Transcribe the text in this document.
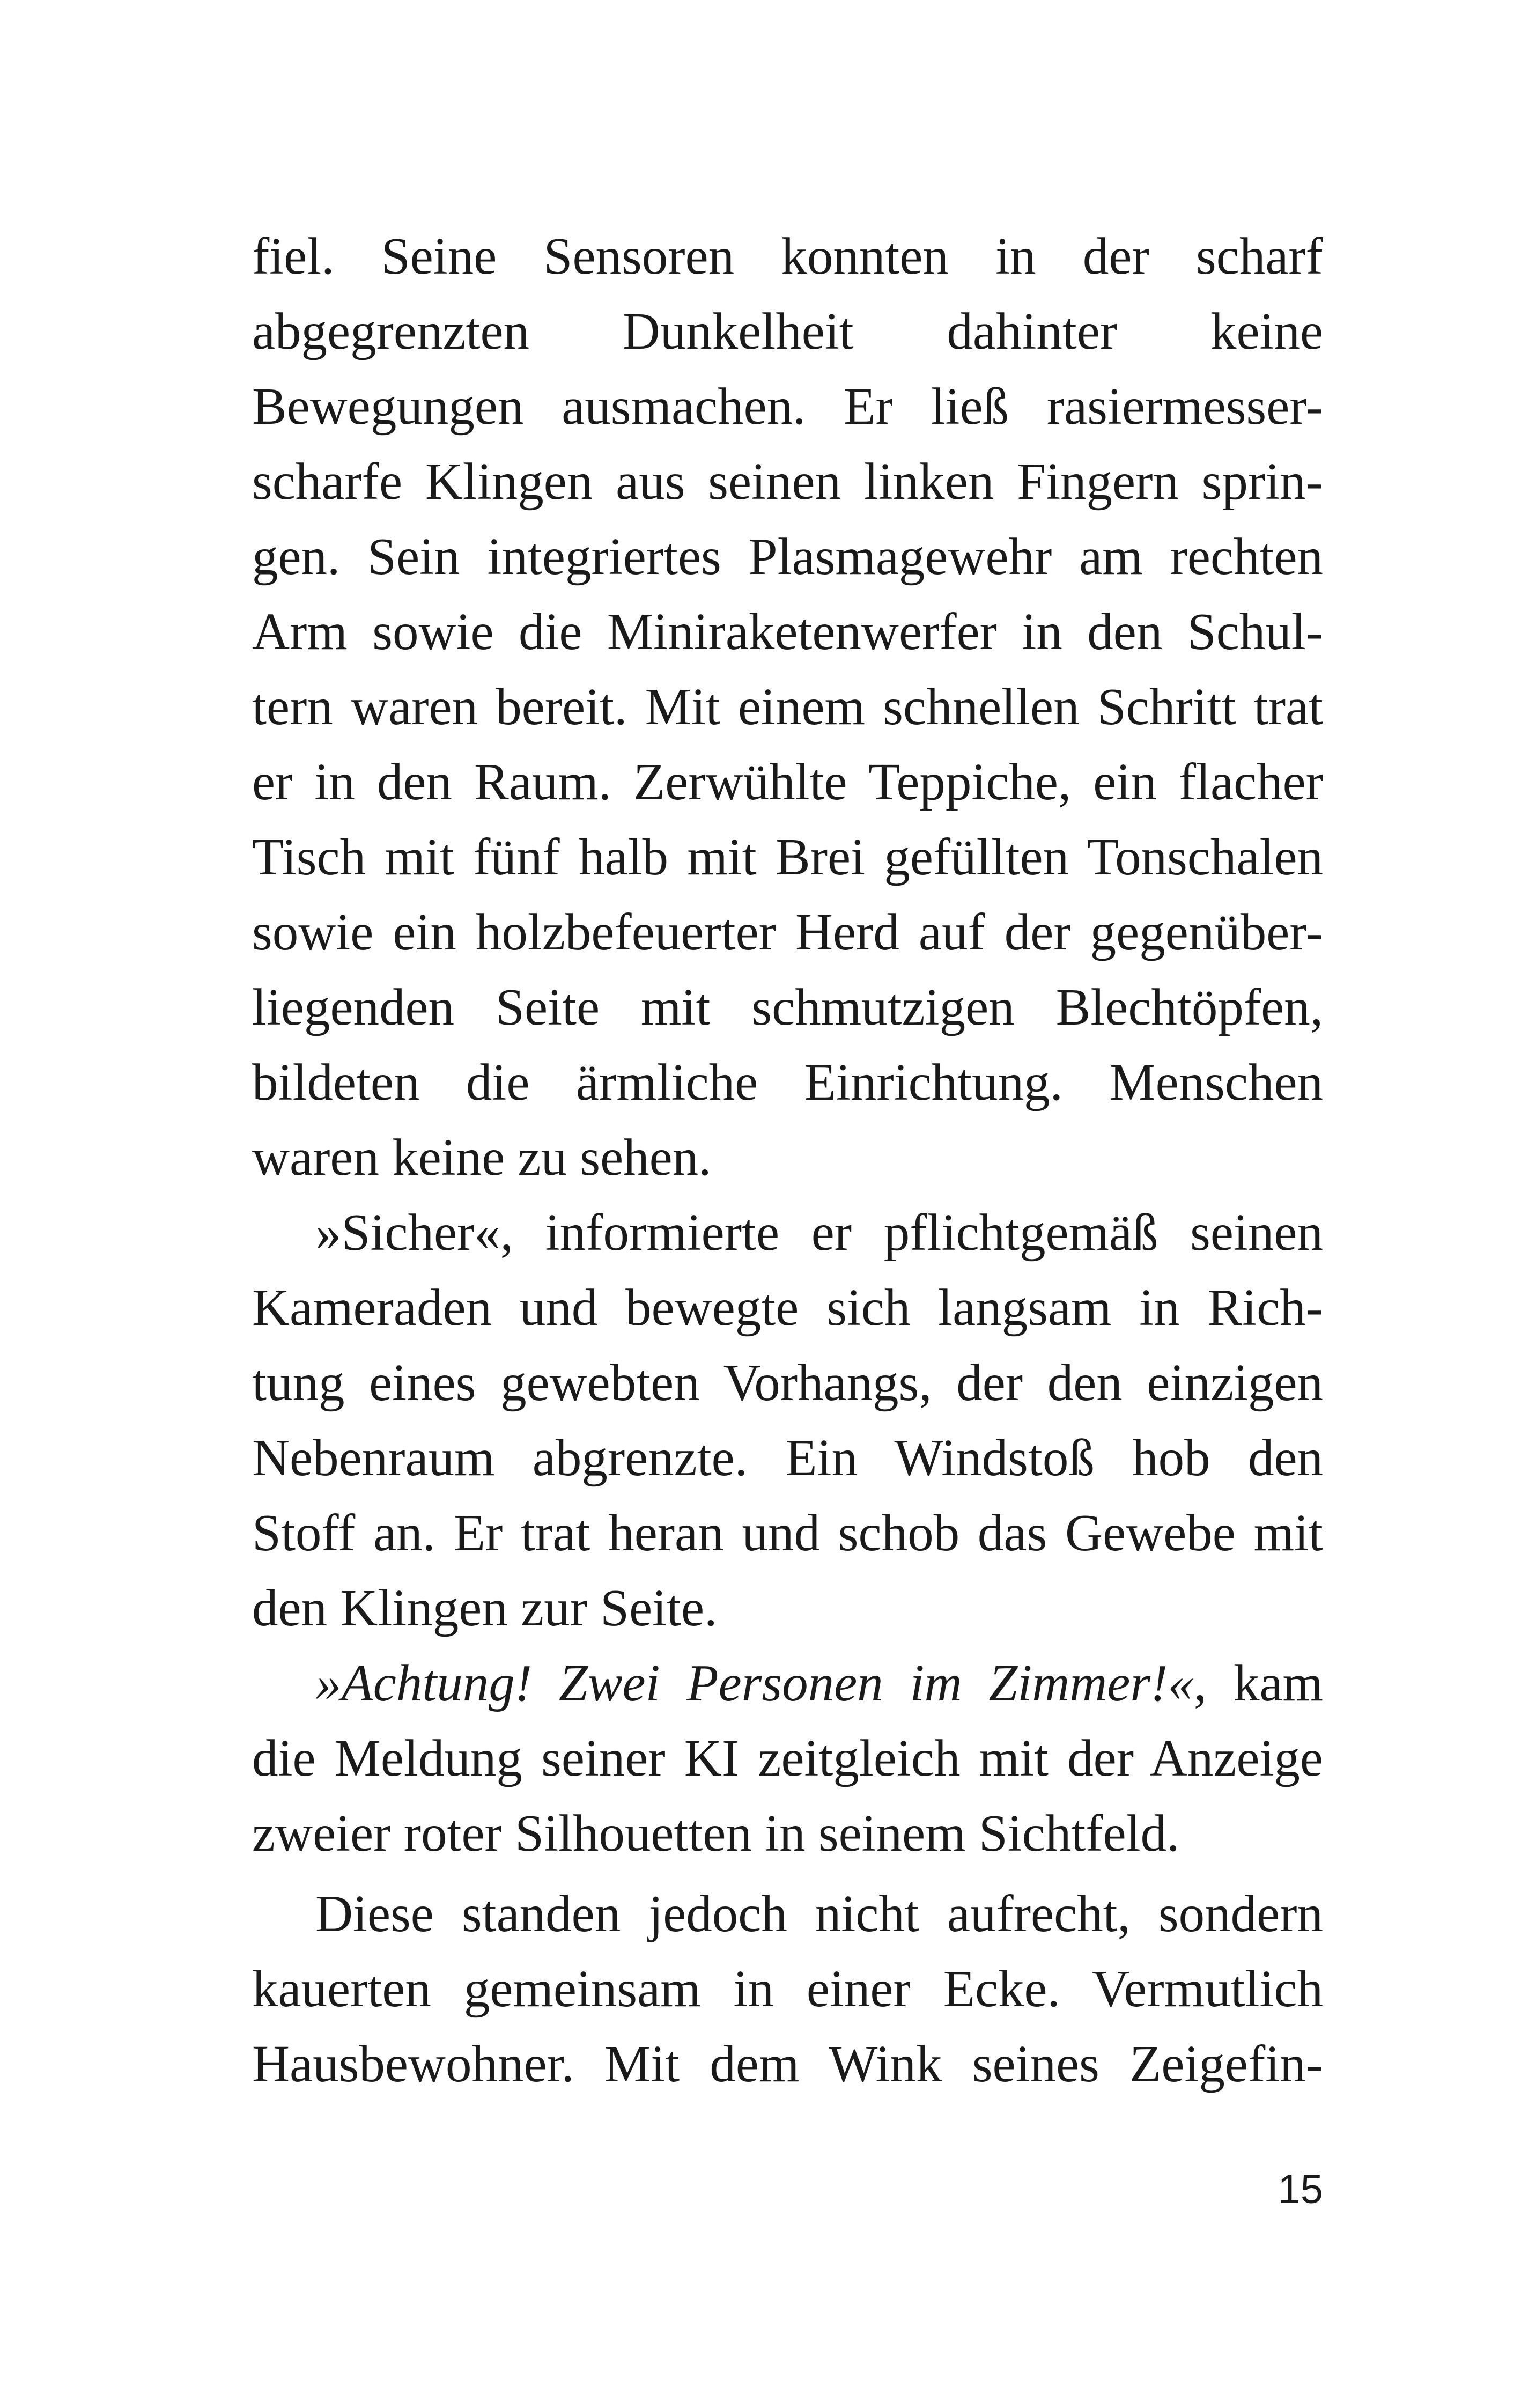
fiel. Seine Sensoren konnten in der scharf
abgegrenzten Dunkelheit dahinter keine
Bewegungen ausmachen. Er ließ rasiermesser-
scharfe Klingen aus seinen linken Fingern sprin-
gen. Sein integriertes Plasmagewehr am rechten
Arm sowie die Miniraketenwerfer in den Schul-
tern waren bereit. Mit einem schnellen Schritt trat
er in den Raum. Zerwühlte Teppiche, ein flacher
Tisch mit fünf halb mit Brei gefüllten Tonschalen
sowie ein holzbefeuerter Herd auf der gegenüber-
liegenden Seite mit schmutzigen Blechtöpfen,
bildeten die ärmliche Einrichtung. Menschen
waren keine zu sehen.
»Sicher«, informierte er pflichtgemäß seinen
Kameraden und bewegte sich langsam in Rich-
tung eines gewebten Vorhangs, der den einzigen
Nebenraum abgrenzte. Ein Windstoß hob den
Stoff an. Er trat heran und schob das Gewebe mit
den Klingen zur Seite.
»Achtung! Zwei Personen im Zimmer!«, kam
die Meldung seiner KI zeitgleich mit der Anzeige
zweier roter Silhouetten in seinem Sichtfeld.
Diese standen jedoch nicht aufrecht, sondern
kauerten gemeinsam in einer Ecke. Vermutlich
Hausbewohner. Mit dem Wink seines Zeigefin-
15
